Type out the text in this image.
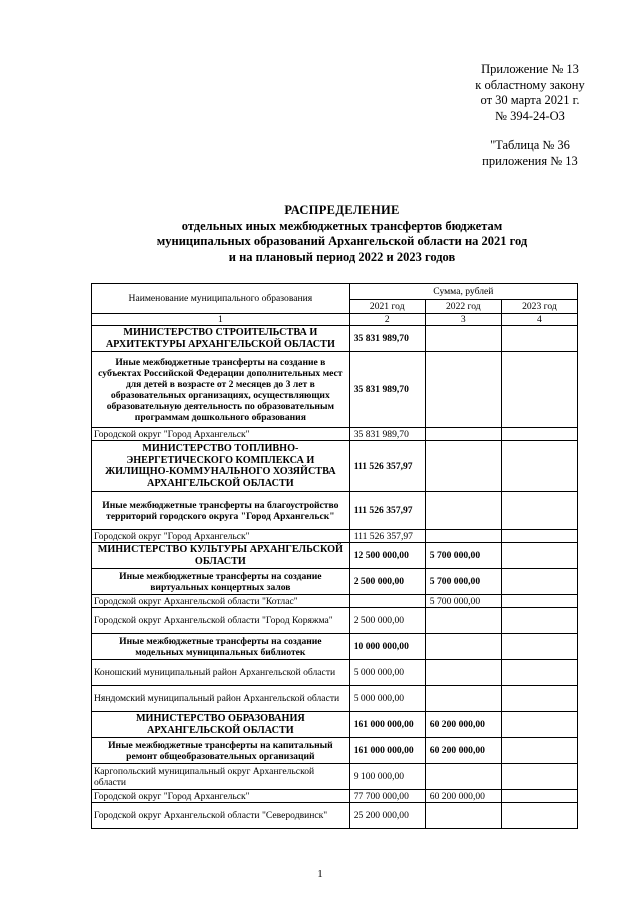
Приложение № 13
к областному закону
от 30 марта 2021 г.
№ 394-24-ОЗ
"Таблица № 36
приложения № 13
РАСПРЕДЕЛЕНИЕ
отдельных иных межбюджетных трансфертов бюджетам
муниципальных образований Архангельской области на 2021 год
и на плановый период 2022 и 2023 годов
Наименование муниципального образования	Сумма, рублей		
	2021 год	2022 год	2023 год
1	2	3	4
МИНИСТЕРСТВО СТРОИТЕЛЬСТВА И АРХИТЕКТУРЫ АРХАНГЕЛЬСКОЙ ОБЛАСТИ	35 831 989,70		
Иные межбюджетные трансферты на создание в субъектах Российской Федерации дополнительных мест для детей в возрасте от 2 месяцев до 3 лет в образовательных организациях, осуществляющих образовательную деятельность по образовательным программам дошкольного образования	35 831 989,70		
Городской округ "Город Архангельск"	35 831 989,70		
МИНИСТЕРСТВО ТОПЛИВНО-ЭНЕРГЕТИЧЕСКОГО КОМПЛЕКСА И ЖИЛИЩНО-КОММУНАЛЬНОГО ХОЗЯЙСТВА АРХАНГЕЛЬСКОЙ ОБЛАСТИ	111 526 357,97		
Иные межбюджетные трансферты на благоустройство территорий городского округа "Город Архангельск"	111 526 357,97		
Городской округ "Город Архангельск"	111 526 357,97		
МИНИСТЕРСТВО КУЛЬТУРЫ АРХАНГЕЛЬСКОЙ ОБЛАСТИ	12 500 000,00	5 700 000,00	
Иные межбюджетные трансферты на создание виртуальных концертных залов	2 500 000,00	5 700 000,00	
Городской округ Архангельской области "Котлас"		5 700 000,00	
Городской округ Архангельской области "Город Коряжма"	2 500 000,00		
Иные межбюджетные трансферты на создание модельных муниципальных библиотек	10 000 000,00		
Коношский муниципальный район Архангельской области	5 000 000,00		
Няндомский муниципальный район Архангельской области	5 000 000,00		
МИНИСТЕРСТВО ОБРАЗОВАНИЯ АРХАНГЕЛЬСКОЙ ОБЛАСТИ	161 000 000,00	60 200 000,00	
Иные межбюджетные трансферты на капитальный ремонт общеобразовательных организаций	161 000 000,00	60 200 000,00	
Каргопольский муниципальный округ Архангельской области	9 100 000,00		
Городской округ "Город Архангельск"	77 700 000,00	60 200 000,00	
Городской округ Архангельской области "Северодвинск"	25 200 000,00		
1
